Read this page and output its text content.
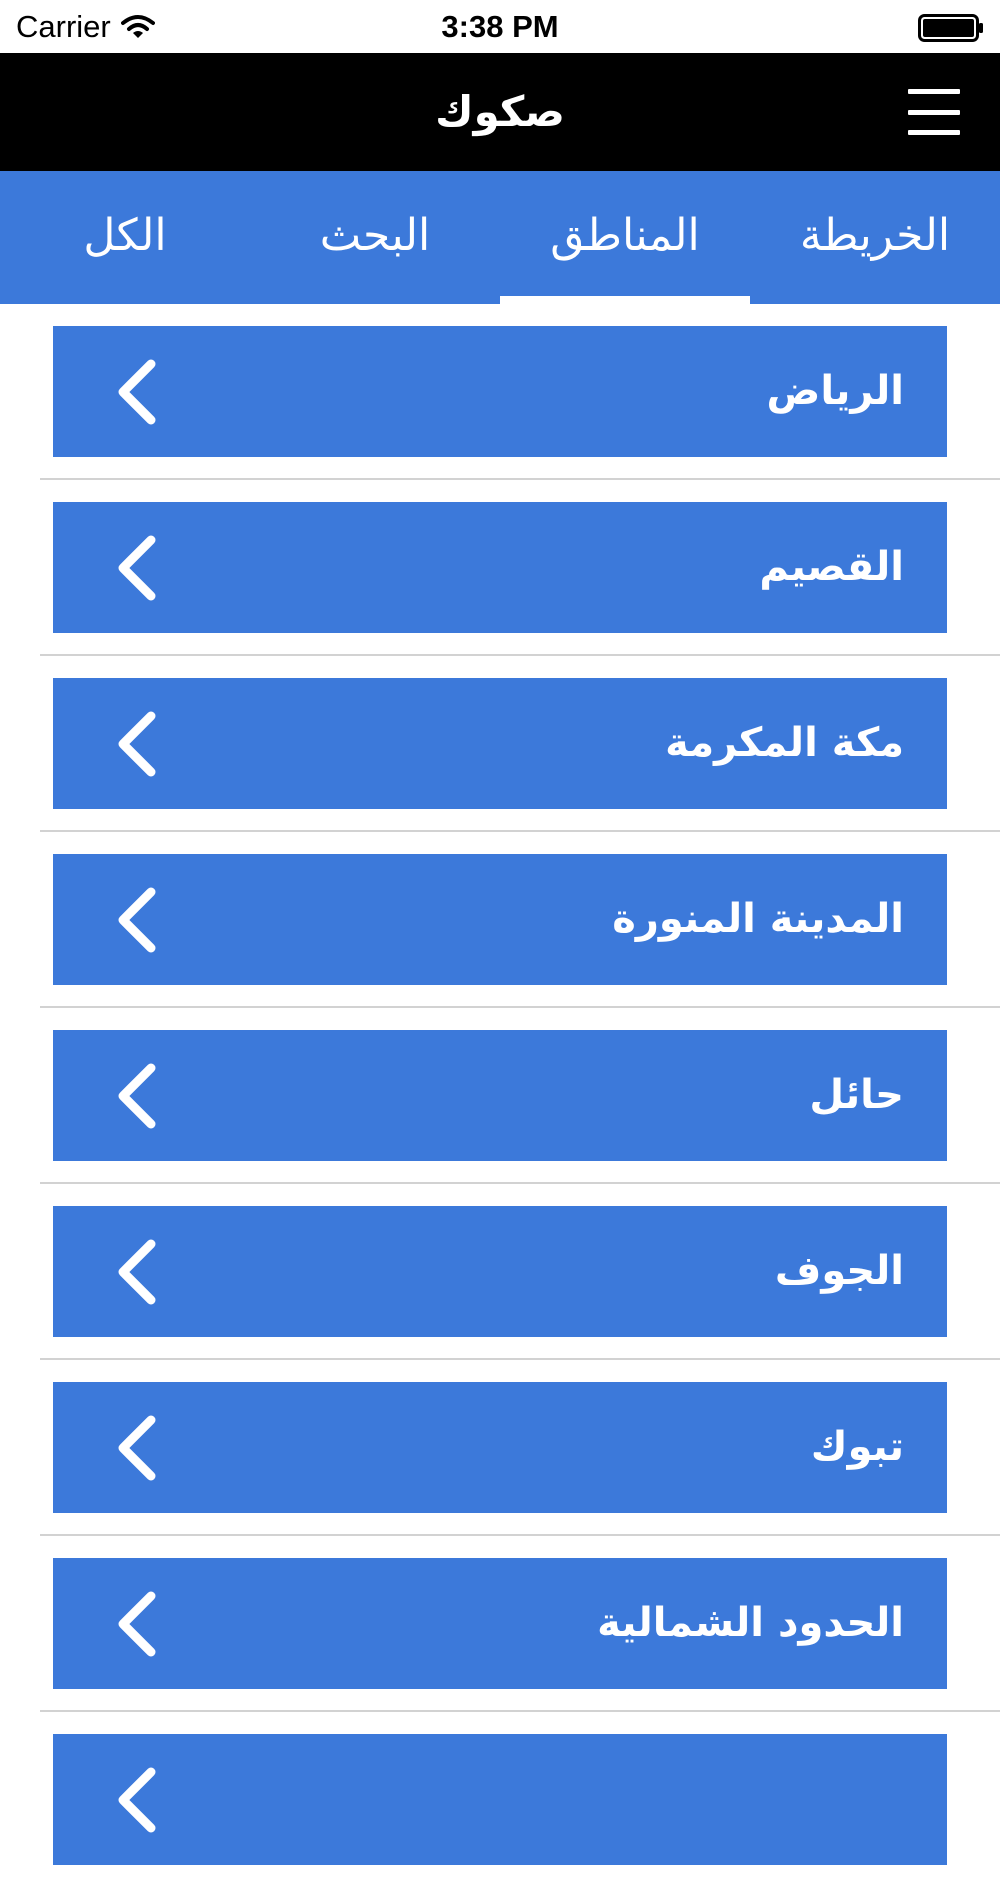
Carrier	3:38 PM
صكوك
الخريطة
المناطق
البحث
الكل
الرياض
القصيم
مكة المكرمة
المدينة المنورة
حائل
الجوف
تبوك
الحدود الشمالية
